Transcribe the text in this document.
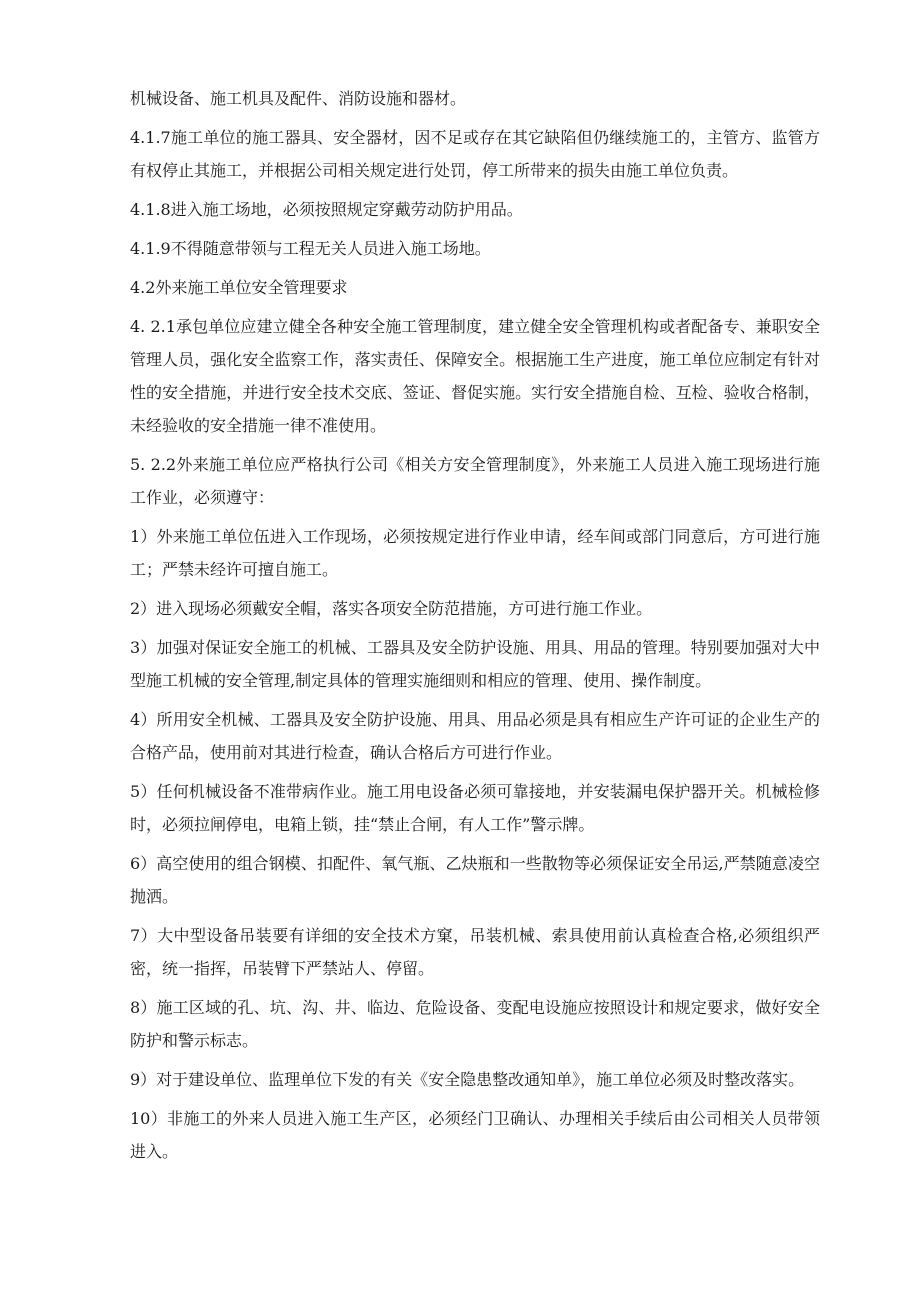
机械设备、施工机具及配件、消防设施和器材。

4.1.7施工单位的施工器具、安全器材，因不足或存在其它缺陷但仍继续施工的，主管方、监管方有权停止其施工，并根据公司相关规定进行处罚，停工所带来的损失由施工单位负责。

4.1.8进入施工场地，必须按照规定穿戴劳动防护用品。

4.1.9不得随意带领与工程无关人员进入施工场地。

4.2外来施工单位安全管理要求

4. 2.1承包单位应建立健全各种安全施工管理制度，建立健全安全管理机构或者配备专、兼职安全管理人员，强化安全监察工作，落实责任、保障安全。根据施工生产进度，施工单位应制定有针对性的安全措施，并进行安全技术交底、签证、督促实施。实行安全措施自检、互检、验收合格制，未经验收的安全措施一律不准使用。

5. 2.2外来施工单位应严格执行公司《相关方安全管理制度》，外来施工人员进入施工现场进行施工作业，必须遵守：

1）外来施工单位伍进入工作现场，必须按规定进行作业申请，经车间或部门同意后，方可进行施工；严禁未经许可擅自施工。

2）进入现场必须戴安全帽，落实各项安全防范措施，方可进行施工作业。

3）加强对保证安全施工的机械、工器具及安全防护设施、用具、用品的管理。特别要加强对大中型施工机械的安全管理,制定具体的管理实施细则和相应的管理、使用、操作制度。

4）所用安全机械、工器具及安全防护设施、用具、用品必须是具有相应生产许可证的企业生产的合格产品，使用前对其进行检查，确认合格后方可进行作业。

5）任何机械设备不准带病作业。施工用电设备必须可靠接地，并安装漏电保护器开关。机械检修时，必须拉闸停电，电箱上锁，挂“禁止合闸，有人工作”警示牌。

6）高空使用的组合钢模、扣配件、氧气瓶、乙炔瓶和一些散物等必须保证安全吊运,严禁随意凌空抛洒。

7）大中型设备吊装要有详细的安全技术方窠，吊装机械、索具使用前认真检查合格,必须组织严密，统一指挥，吊装臂下严禁站人、停留。

8）施工区域的孔、坑、沟、井、临边、危险设备、变配电设施应按照设计和规定要求，做好安全防护和警示标志。

9）对于建设单位、监理单位下发的有关《安全隐患整改通知单》，施工单位必须及时整改落实。

10）非施工的外来人员进入施工生产区，必须经门卫确认、办理相关手续后由公司相关人员带领进入。
